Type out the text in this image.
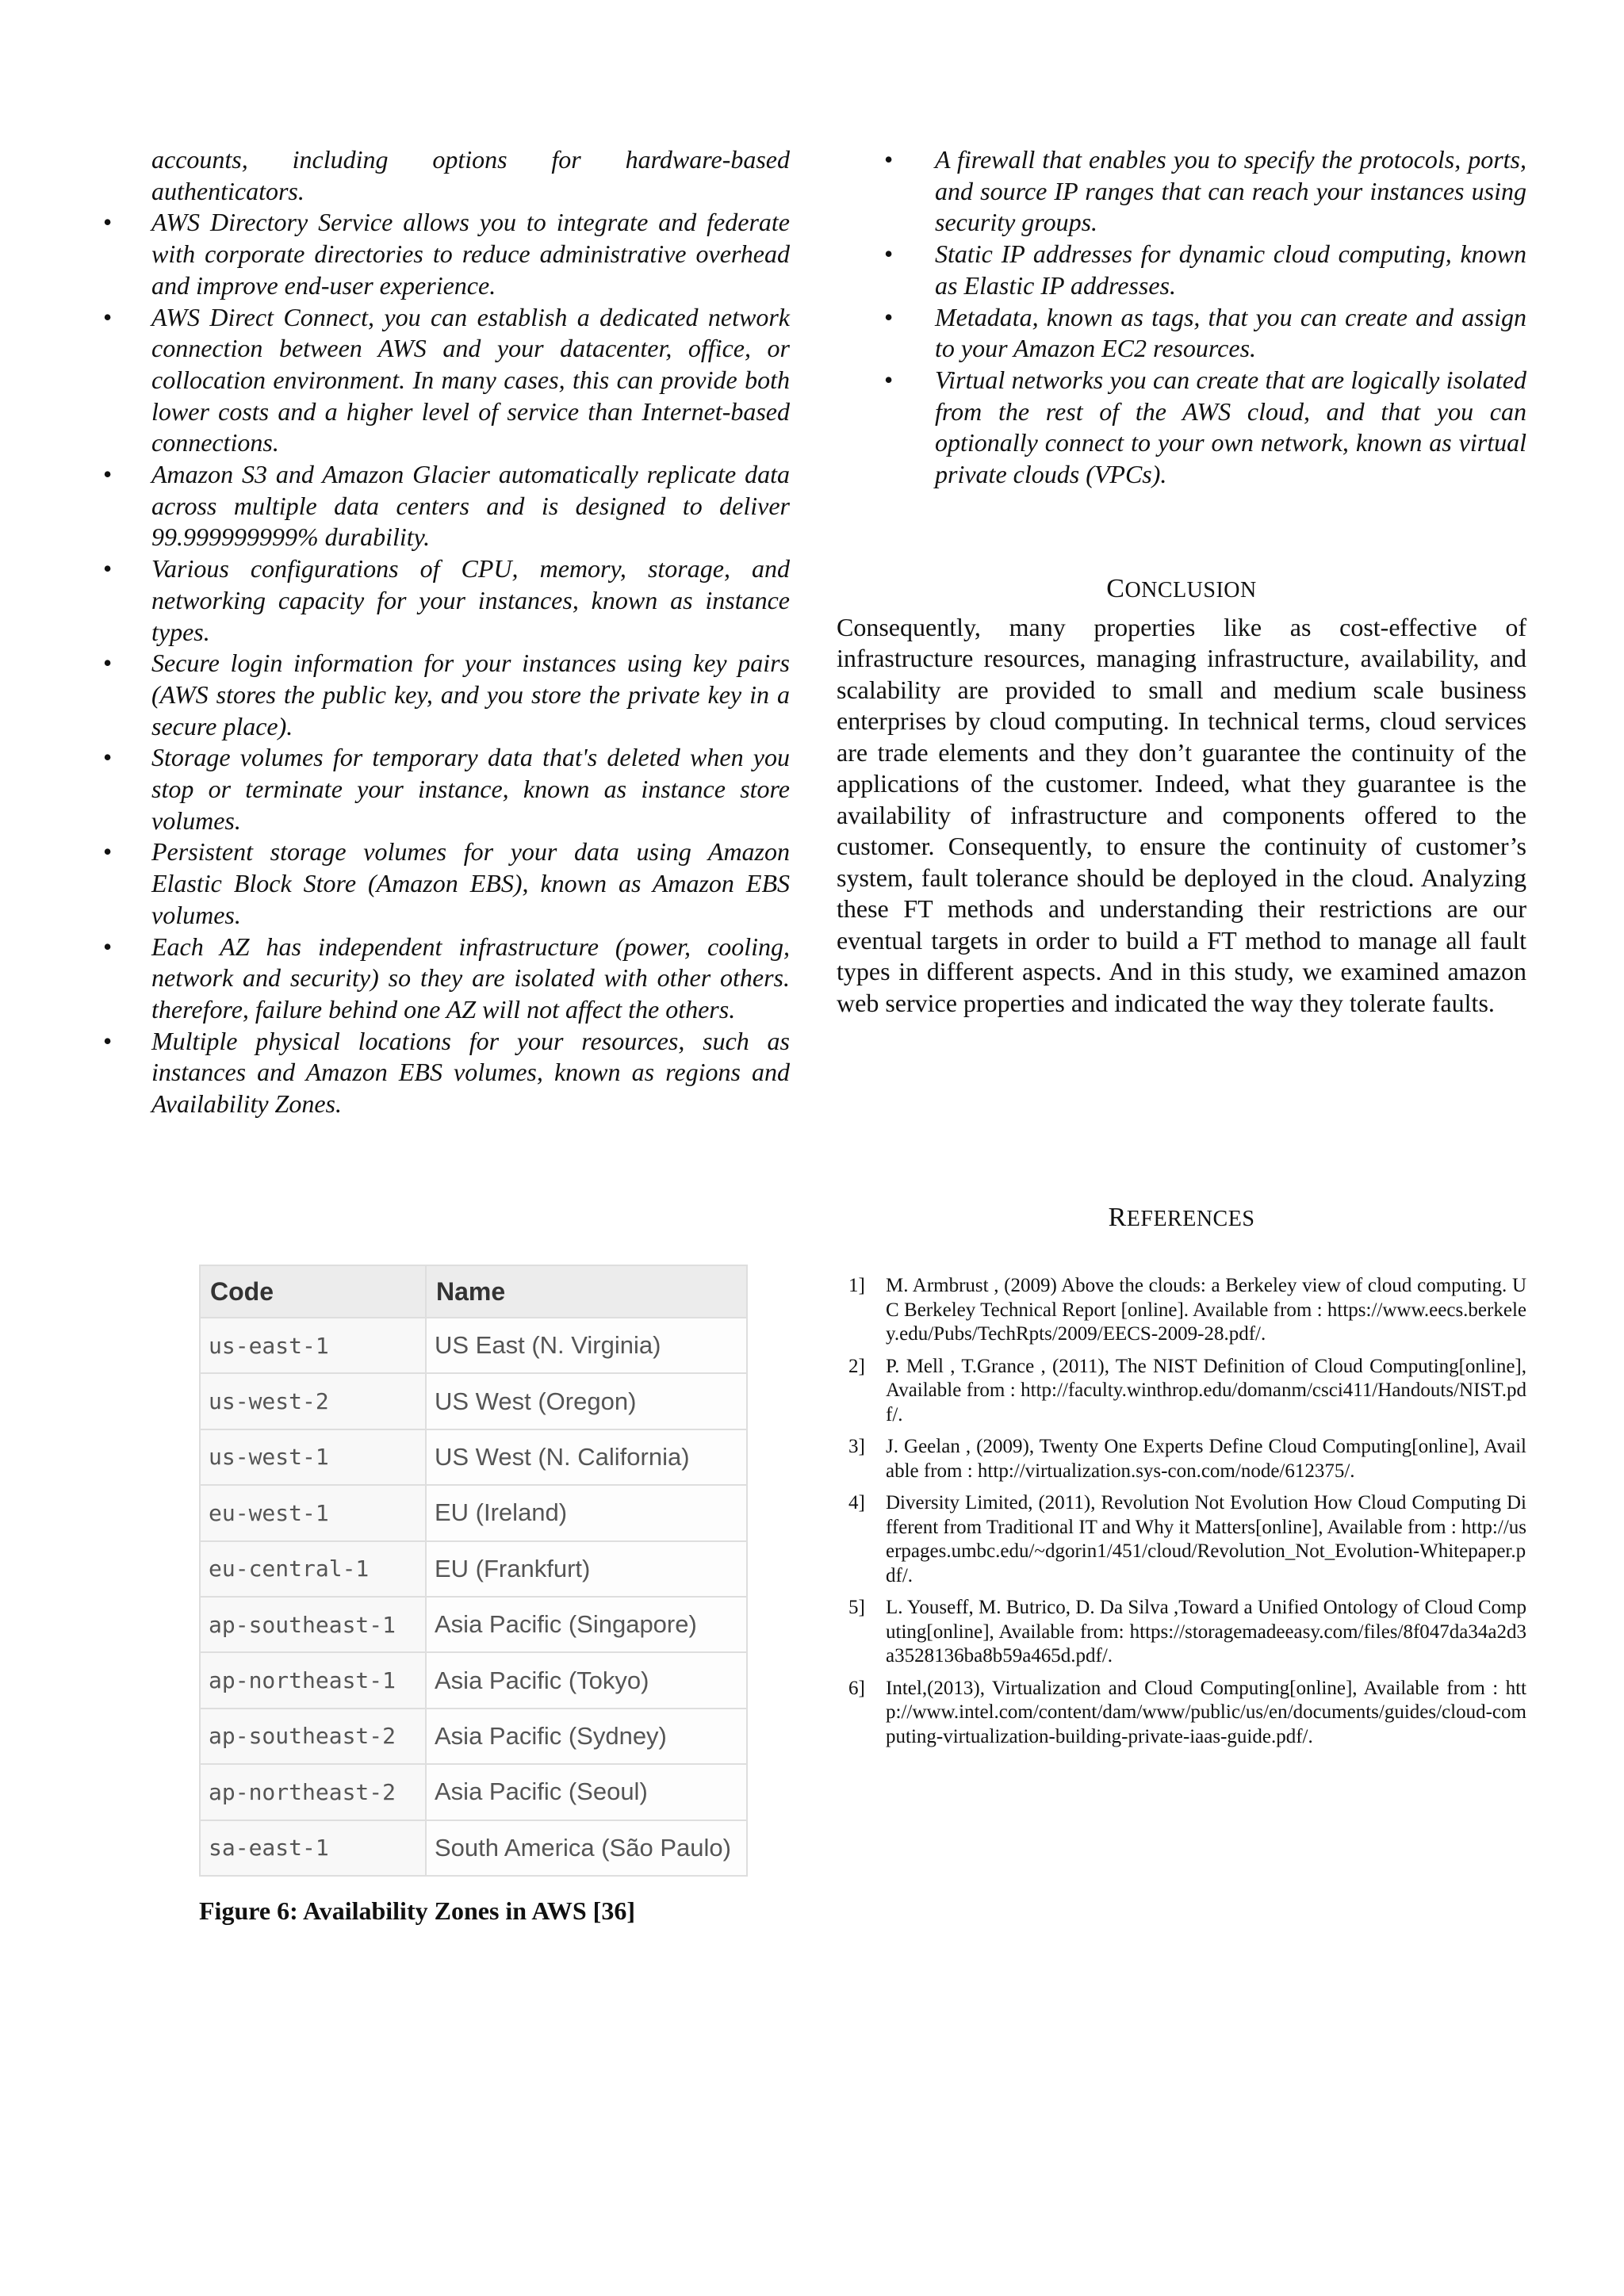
accounts, including options for hardware-based authenticators.
• AWS Directory Service allows you to integrate and federate with corporate directories to reduce administrative overhead and improve end-user experience.
• AWS Direct Connect, you can establish a dedicated network connection between AWS and your datacenter, office, or collocation environment. In many cases, this can provide both lower costs and a higher level of service than Internet-based connections.
• Amazon S3 and Amazon Glacier automatically replicate data across multiple data centers and is designed to deliver 99.999999999% durability.
• Various configurations of CPU, memory, storage, and networking capacity for your instances, known as instance types.
• Secure login information for your instances using key pairs (AWS stores the public key, and you store the private key in a secure place).
• Storage volumes for temporary data that's deleted when you stop or terminate your instance, known as instance store volumes.
• Persistent storage volumes for your data using Amazon Elastic Block Store (Amazon EBS), known as Amazon EBS volumes.
• Each AZ has independent infrastructure (power, cooling, network and security) so they are isolated with other others. therefore, failure behind one AZ will not affect the others.
• Multiple physical locations for your resources, such as instances and Amazon EBS volumes, known as regions and Availability Zones.
Code	Name
us-east-1	US East (N. Virginia)
us-west-2	US West (Oregon)
us-west-1	US West (N. California)
eu-west-1	EU (Ireland)
eu-central-1	EU (Frankfurt)
ap-southeast-1	Asia Pacific (Singapore)
ap-northeast-1	Asia Pacific (Tokyo)
ap-southeast-2	Asia Pacific (Sydney)
ap-northeast-2	Asia Pacific (Seoul)
sa-east-1	South America (São Paulo)
Figure 6: Availability Zones in AWS [36]
• A firewall that enables you to specify the protocols, ports, and source IP ranges that can reach your instances using security groups.
• Static IP addresses for dynamic cloud computing, known as Elastic IP addresses.
• Metadata, known as tags, that you can create and assign to your Amazon EC2 resources.
• Virtual networks you can create that are logically isolated from the rest of the AWS cloud, and that you can optionally connect to your own network, known as virtual private clouds (VPCs).
CONCLUSION

Consequently, many properties like as cost-effective of infrastructure resources, managing infrastructure, availability, and scalability are provided to small and medium scale business enterprises by cloud computing. In technical terms, cloud services are trade elements and they don’t guarantee the continuity of the applications of the customer. Indeed, what they guarantee is the availability of infrastructure and components offered to the customer. Consequently, to ensure the continuity of customer’s system, fault tolerance should be deployed in the cloud. Analyzing these FT methods and understanding their restrictions are our eventual targets in order to build a FT method to manage all fault types in different aspects. And in this study, we examined amazon web service properties and indicated the way they tolerate faults.

REFERENCES
1] M. Armbrust , (2009) Above the clouds: a Berkeley view of cloud computing. UC Berkeley Technical Report [online]. Available from : https://www.eecs.berkeley.edu/Pubs/TechRpts/2009/EECS-2009-28.pdf/.
2] P. Mell , T.Grance , (2011), The NIST Definition of Cloud Computing[online], Available from : http://faculty.winthrop.edu/domanm/csci411/Handouts/NIST.pdf/.
3] J. Geelan , (2009), Twenty One Experts Define Cloud Computing[online], Available from : http://virtualization.sys-con.com/node/612375/.
4] Diversity Limited, (2011), Revolution Not Evolution How Cloud Computing Different from Traditional IT and Why it Matters[online], Available from : http://userpages.umbc.edu/~dgorin1/451/cloud/Revolution_Not_Evolution-Whitepaper.pdf/.
5] L. Youseff, M. Butrico, D. Da Silva ,Toward a Unified Ontology of Cloud Computing[online], Available from: https://storagemadeeasy.com/files/8f047da34a2d3a3528136ba8b59a465d.pdf/.
6] Intel,(2013), Virtualization and Cloud Computing[online], Available from : http://www.intel.com/content/dam/www/public/us/en/documents/guides/cloud-computing-virtualization-building-private-iaas-guide.pdf/.
